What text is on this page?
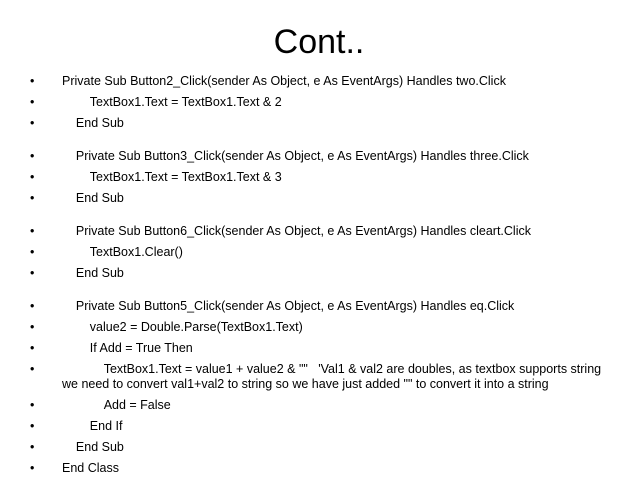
Cont..
•	Private Sub Button2_Click(sender As Object, e As EventArgs) Handles two.Click
•	TextBox1.Text = TextBox1.Text & 2
•	End Sub
•	Private Sub Button3_Click(sender As Object, e As EventArgs) Handles three.Click
•	TextBox1.Text = TextBox1.Text & 3
•	End Sub
•	Private Sub Button6_Click(sender As Object, e As EventArgs) Handles cleart.Click
•	TextBox1.Clear()
•	End Sub
•	Private Sub Button5_Click(sender As Object, e As EventArgs) Handles eq.Click
•	value2 = Double.Parse(TextBox1.Text)
•	If Add = True Then
•	TextBox1.Text = value1 + value2 & ""   'Val1 & val2 are doubles, as textbox supports string we need to convert val1+val2 to string so we have just added "" to convert it into a string
•	Add = False
•	End If
•	End Sub
•	End Class
